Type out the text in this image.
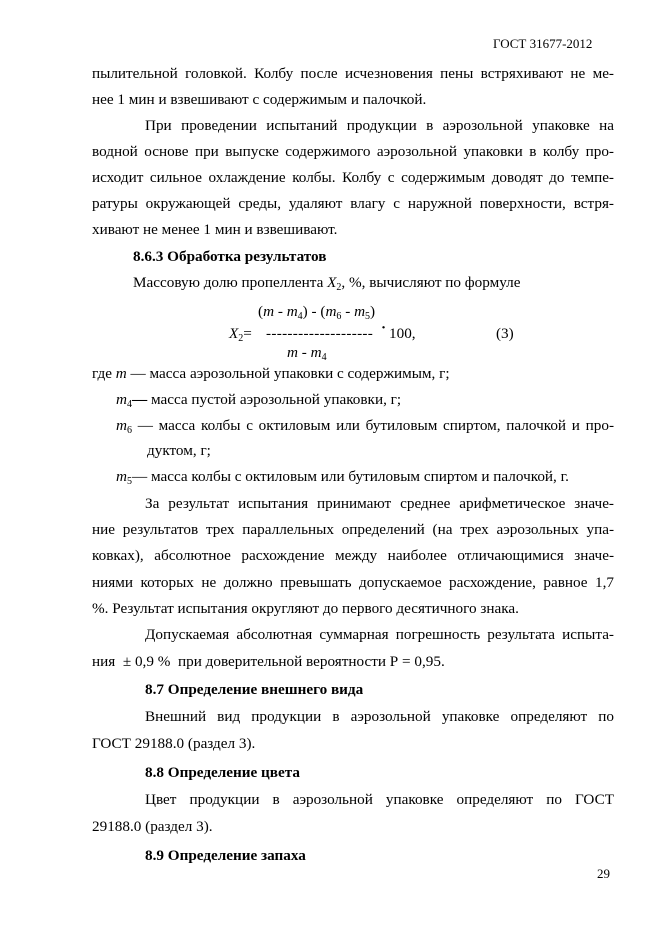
ГОСТ 31677-2012
пылительной головкой. Колбу после исчезновения пены встряхивают не ме-
нее 1 мин и взвешивают с содержимым и палочкой.
При проведении испытаний продукции в аэрозольной упаковке на
водной основе при выпуске содержимого аэрозольной упаковки в колбу про-
исходит сильное охлаждение колбы. Колбу с содержимым доводят до темпе-
ратуры окружающей среды, удаляют влагу с наружной поверхности, встря-
хивают не менее 1 мин и взвешивают.
8.6.3 Обработка результатов
Массовую долю пропеллента $X_2$, %, вычисляют по формуле
$(m - m_4) - (m_6 - m_5)$
$X_2=$ -------------------- · 100,
m - $m_4$
(3)
где m — масса аэрозольной упаковки с содержимым, г;
$m_4—$ масса пустой аэрозольной упаковки, г;
$m_6$ — масса колбы с октиловым или бутиловым спиртом, палочкой и про-
дуктом, г;
$m_5—$ масса колбы с октиловым или бутиловым спиртом и палочкой, г.
За результат испытания принимают среднее арифметическое значе-
ние результатов трех параллельных определений (на трех аэрозольных упа-
ковках), абсолютное расхождение между наиболее отличающимися значе-
ниями которых не должно превышать допускаемое расхождение, равное 1,7
%. Результат испытания округляют до первого десятичного знака.
Допускаемая абсолютная суммарная погрешность результата испыта-
ния  ± 0,9 %  при доверительной вероятности Р = 0,95.
8.7 Определение внешнего вида
Внешний вид продукции в аэрозольной упаковке определяют по
ГОСТ 29188.0 (раздел 3).
8.8 Определение цвета
Цвет продукции в аэрозольной упаковке определяют по ГОСТ
29188.0 (раздел 3).
8.9 Определение запаха
29
